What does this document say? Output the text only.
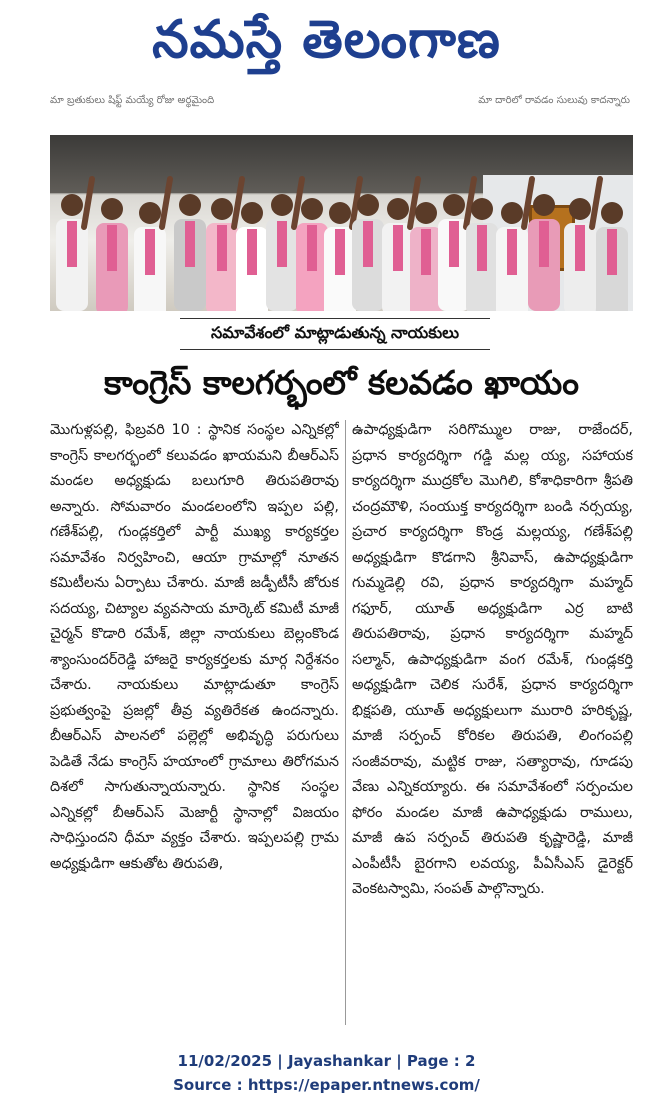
నమస్తే తెలంగాణ
మా బ్రతుకులు షిఫ్ట్ మయ్యే రోజు అర్థమైంది	మా దారిలో రావడం సులువు కాదన్నారు
సమావేశంలో మాట్లాడుతున్న నాయకులు
కాంగ్రెస్ కాలగర్భంలో కలవడం ఖాయం
మొగుళ్లపల్లి, ఫిబ్రవరి 10 : స్థానిక సంస్థల ఎన్నికల్లో కాంగ్రెస్ కాలగర్భంలో కలువడం ఖాయమని బీఆర్ఎస్ మండల అధ్యక్షుడు బలుగూరి తిరుపతిరావు అన్నారు. సోమవారం మండలంలోని ఇప్పల పల్లి, గణేశ్‌పల్లి, గుండ్లకర్తిలో పార్టీ ముఖ్య కార్యకర్తల సమావేశం నిర్వహించి, ఆయా గ్రామాల్లో నూతన కమిటీలను ఏర్పాటు చేశారు. మాజీ జడ్పీటీసీ జోరుక సదయ్య, చిట్యాల వ్యవసాయ మార్కెట్ కమిటీ మాజీ చైర్మన్ కొడారి రమేశ్, జిల్లా నాయకులు బెల్లంకొండ శ్యాంసుందర్‌రెడ్డి హాజరై కార్యకర్తలకు మార్గ నిర్దేశనం చేశారు. నాయకులు మాట్లాడుతూ కాంగ్రెస్ ప్రభుత్వంపై ప్రజల్లో తీవ్ర వ్యతిరేకత ఉందన్నారు. బీఆర్ఎస్ పాలనలో పల్లెల్లో అభివృద్ధి పరుగులు పెడితే నేడు కాంగ్రెస్ హయాంలో గ్రామాలు తిరోగమన దిశలో సాగుతున్నాయన్నారు. స్థానిక సంస్థల ఎన్నికల్లో బీఆర్ఎస్ మెజార్టీ స్థానాల్లో విజయం సాధిస్తుందని ధీమా వ్యక్తం చేశారు. ఇప్పలపల్లి గ్రామ అధ్యక్షుడిగా ఆకుతోట తిరుపతి,
ఉపాధ్యక్షుడిగా సరిగొమ్ముల రాజు, రాజేందర్, ప్రధాన కార్యదర్శిగా గడ్డి మల్ల య్య, సహాయక కార్యదర్శిగా ముద్రకోల మొగిలి, కోశాధికారిగా శ్రీపతి చంద్రమౌళి, సంయుక్త కార్యదర్శిగా బండి నర్సయ్య, ప్రచార కార్యదర్శిగా కొండ్ర మల్లయ్య, గణేశ్‌పల్లి అధ్యక్షుడిగా కొడగాని శ్రీనివాస్, ఉపాధ్యక్షుడిగా గుమ్మడెల్లి రవి, ప్రధాన కార్యదర్శిగా మహ్మద్ గఫూర్, యూత్ అధ్యక్షుడిగా ఎర్ర బాటి తిరుపతిరావు, ప్రధాన కార్యదర్శిగా మహ్మద్ సల్మాన్, ఉపాధ్యక్షుడిగా వంగ రమేశ్, గుండ్లకర్తి అధ్యక్షుడిగా చెలిక సురేశ్, ప్రధాన కార్యదర్శిగా భిక్షపతి, యూత్ అధ్యక్షులుగా మురారి హరికృష్ణ, మాజీ సర్పంచ్ కోరికల తిరుపతి, లింగంపల్లి సంజీవరావు, మట్టిక రాజు, సత్యారావు, గూడపు వేణు ఎన్నికయ్యారు. ఈ సమావేశంలో సర్పంచుల ఫోరం మండల మాజీ ఉపాధ్యక్షుడు రాములు, మాజీ ఉప సర్పంచ్ తిరుపతి కృష్ణారెడ్డి, మాజీ ఎంపీటీసీ బైరగాని లవయ్య, పీఏసీఎస్ డైరెక్టర్ వెంకటస్వామి, సంపత్ పాల్గొన్నారు.
11/02/2025 | Jayashankar | Page : 2
Source : https://epaper.ntnews.com/
